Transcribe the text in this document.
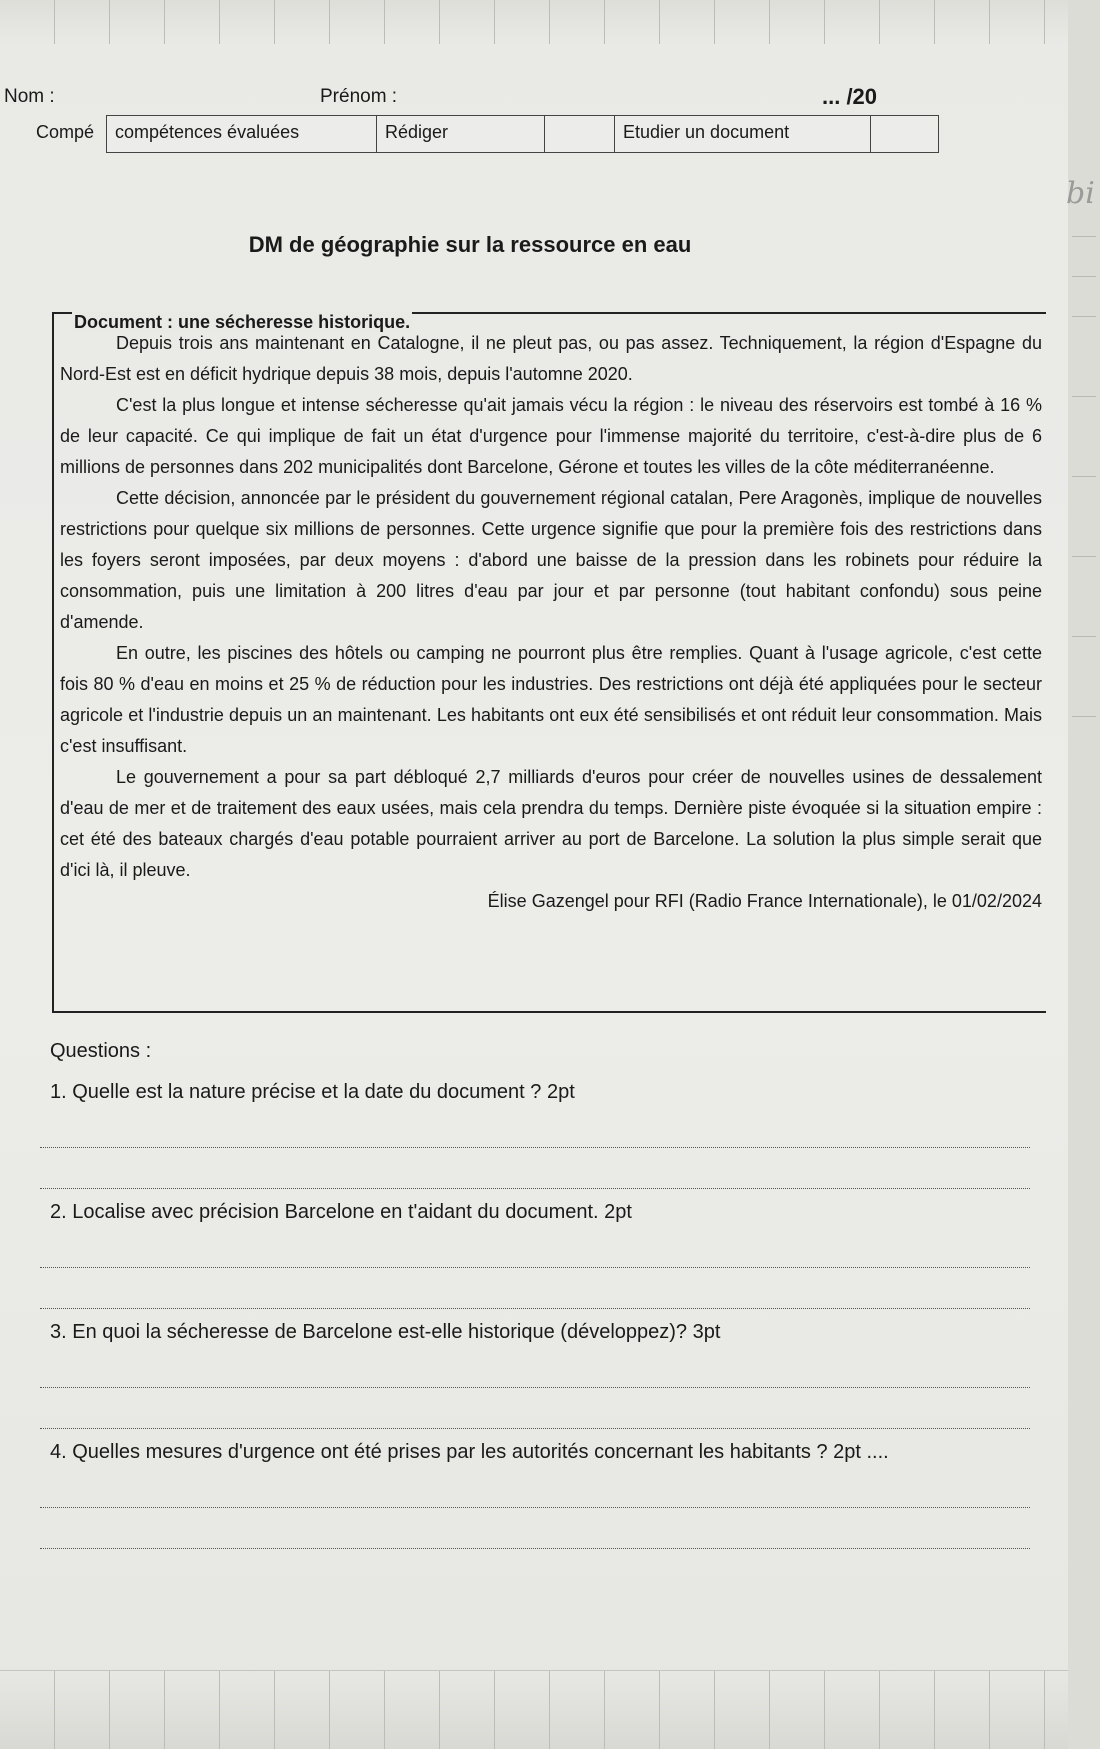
Nom :	Prénom :	... /20
Compé	compétences évaluées	Rédiger	Etudier un document
DM de géographie sur la ressource en eau

Depuis trois ans maintenant en Catalogne, il ne pleut pas, ou pas assez. Techniquement, la région d'Espagne du Nord-Est est en déficit hydrique depuis 38 mois, depuis l'automne 2020.

C'est la plus longue et intense sécheresse qu'ait jamais vécu la région : le niveau des réservoirs est tombé à 16 % de leur capacité. Ce qui implique de fait un état d'urgence pour l'immense majorité du territoire, c'est-à-dire plus de 6 millions de personnes dans 202 municipalités dont Barcelone, Gérone et toutes les villes de la côte méditerranéenne.

Cette décision, annoncée par le président du gouvernement régional catalan, Pere Aragonès, implique de nouvelles restrictions pour quelque six millions de personnes. Cette urgence signifie que pour la première fois des restrictions dans les foyers seront imposées, par deux moyens : d'abord une baisse de la pression dans les robinets pour réduire la consommation, puis une limitation à 200 litres d'eau par jour et par personne (tout habitant confondu) sous peine d'amende.

En outre, les piscines des hôtels ou camping ne pourront plus être remplies. Quant à l'usage agricole, c'est cette fois 80 % d'eau en moins et 25 % de réduction pour les industries. Des restrictions ont déjà été appliquées pour le secteur agricole et l'industrie depuis un an maintenant. Les habitants ont eux été sensibilisés et ont réduit leur consommation. Mais c'est insuffisant.

Le gouvernement a pour sa part débloqué 2,7 milliards d'euros pour créer de nouvelles usines de dessalement d'eau de mer et de traitement des eaux usées, mais cela prendra du temps. Dernière piste évoquée si la situation empire : cet été des bateaux chargés d'eau potable pourraient arriver au port de Barcelone. La solution la plus simple serait que d'ici là, il pleuve.

Élise Gazengel pour RFI (Radio France Internationale), le 01/02/2024

Document : une sécheresse historique.
Questions :
1. Quelle est la nature précise et la date du document ? 2pt
2. Localise avec précision Barcelone en t'aidant du document. 2pt
3. En quoi la sécheresse de Barcelone est-elle historique (développez)? 3pt
4. Quelles mesures d'urgence ont été prises par les autorités concernant les habitants ? 2pt ....
bi
